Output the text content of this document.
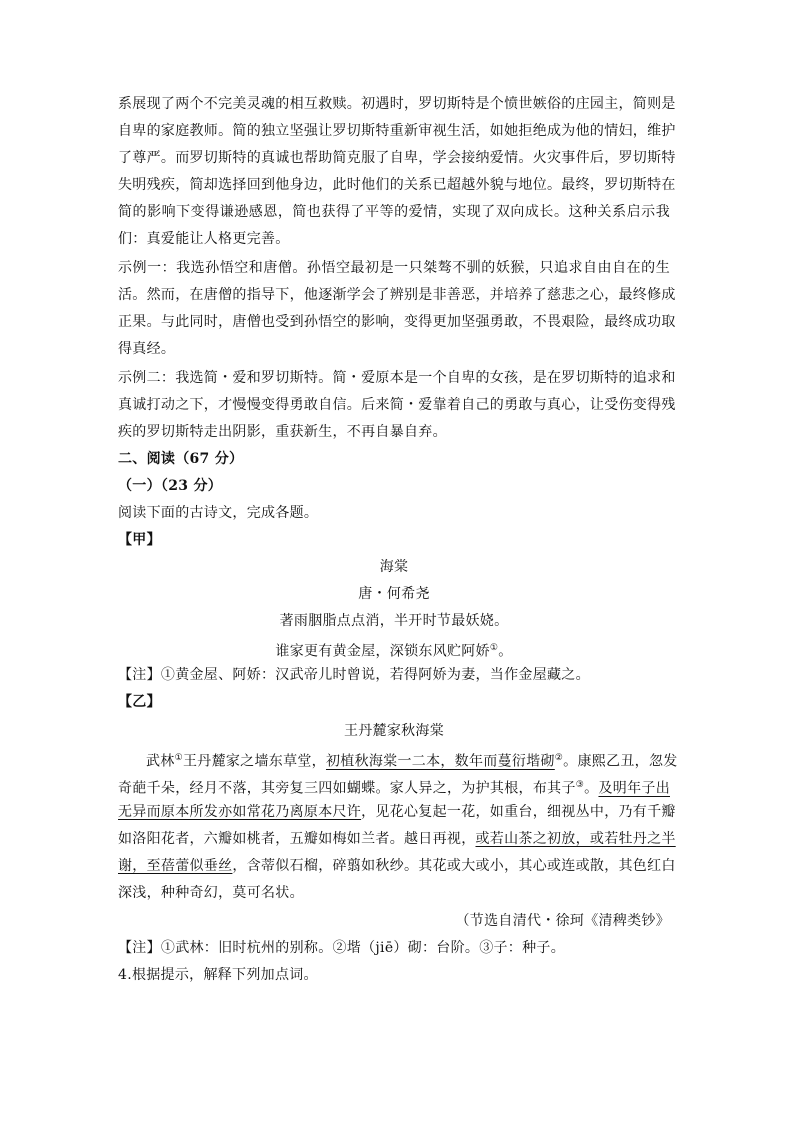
系展现了两个不完美灵魂的相互救赎。初遇时，罗切斯特是个愤世嫉俗的庄园主，简则是
自卑的家庭教师。简的独立坚强让罗切斯特重新审视生活，如她拒绝成为他的情妇，维护
了尊严。而罗切斯特的真诚也帮助简克服了自卑，学会接纳爱情。火灾事件后，罗切斯特
失明残疾，简却选择回到他身边，此时他们的关系已超越外貌与地位。最终，罗切斯特在
简的影响下变得谦逊感恩，简也获得了平等的爱情，实现了双向成长。这种关系启示我
们：真爱能让人格更完善。
示例一：我选孙悟空和唐僧。孙悟空最初是一只桀骜不驯的妖猴，只追求自由自在的生
活。然而，在唐僧的指导下，他逐渐学会了辨别是非善恶，并培养了慈悲之心，最终修成
正果。与此同时，唐僧也受到孙悟空的影响，变得更加坚强勇敢，不畏艰险，最终成功取
得真经。
示例二：我选简・爱和罗切斯特。简・爱原本是一个自卑的女孩，是在罗切斯特的追求和
真诚打动之下，才慢慢变得勇敢自信。后来简・爱靠着自己的勇敢与真心，让受伤变得残
疾的罗切斯特走出阴影，重获新生，不再自暴自弃。
二、阅读（67 分）
（一）（23 分）
阅读下面的古诗文，完成各题。
【甲】
海棠
唐・何希尧
著雨胭脂点点消，半开时节最妖娆。
谁家更有黄金屋，深锁东风贮阿娇①。
【注】①黄金屋、阿娇：汉武帝儿时曾说，若得阿娇为妻，当作金屋藏之。
【乙】
王丹麓家秋海棠
武林①王丹麓家之墙东草堂，初植秋海棠一二本，数年而蔓衍堦砌②。康熙乙丑，忽发
奇葩千朵，经月不落，其旁复三四如蝴蝶。家人异之，为护其根，布其子③。及明年子出
无异而原本所发亦如常花乃离原本尺许，见花心复起一花，如重台，细视丛中，乃有千瓣
如洛阳花者，六瓣如桃者，五瓣如梅如兰者。越日再视，或若山茶之初放，或若牡丹之半
谢，至蓓蕾似垂丝，含蒂似石榴，碎翦如秋纱。其花或大或小，其心或连或散，其色红白
深浅，种种奇幻，莫可名状。
（节选自清代・徐珂《清稗类钞》
【注】①武林：旧时杭州的别称。②堦（jiē）砌：台阶。③子：种子。
4.根据提示，解释下列加点词。
